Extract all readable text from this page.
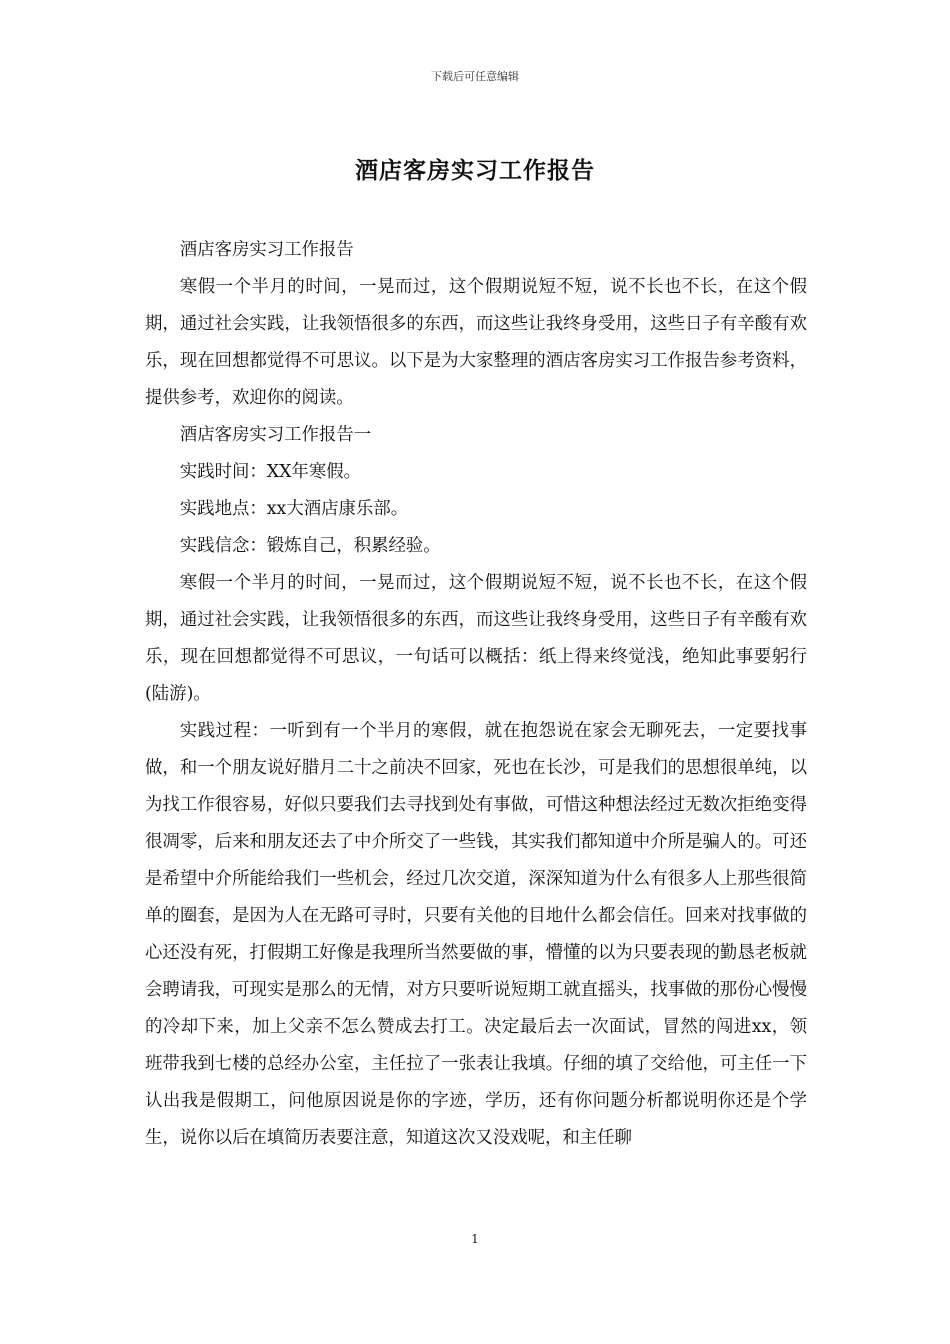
下载后可任意编辑
酒店客房实习工作报告

酒店客房实习工作报告

寒假一个半月的时间，一晃而过，这个假期说短不短，说不长也不长，在这个假期，通过社会实践，让我领悟很多的东西，而这些让我终身受用，这些日子有辛酸有欢乐，现在回想都觉得不可思议。以下是为大家整理的酒店客房实习工作报告参考资料，提供参考，欢迎你的阅读。

酒店客房实习工作报告一

实践时间：XX年寒假。

实践地点：xx大酒店康乐部。

实践信念：锻炼自己，积累经验。

寒假一个半月的时间，一晃而过，这个假期说短不短，说不长也不长，在这个假期，通过社会实践，让我领悟很多的东西，而这些让我终身受用，这些日子有辛酸有欢乐，现在回想都觉得不可思议，一句话可以概括：纸上得来终觉浅，绝知此事要躬行(陆游)。

实践过程：一听到有一个半月的寒假，就在抱怨说在家会无聊死去，一定要找事做，和一个朋友说好腊月二十之前决不回家，死也在长沙，可是我们的思想很单纯，以为找工作很容易，好似只要我们去寻找到处有事做，可惜这种想法经过无数次拒绝变得很凋零，后来和朋友还去了中介所交了一些钱，其实我们都知道中介所是骗人的。可还是希望中介所能给我们一些机会，经过几次交道，深深知道为什么有很多人上那些很简单的圈套，是因为人在无路可寻时，只要有关他的目地什么都会信任。回来对找事做的心还没有死，打假期工好像是我理所当然要做的事，懵懂的以为只要表现的勤恳老板就会聘请我，可现实是那么的无情，对方只要听说短期工就直摇头，找事做的那份心慢慢的冷却下来，加上父亲不怎么赞成去打工。决定最后去一次面试，冒然的闯进xx，领班带我到七楼的总经办公室，主任拉了一张表让我填。仔细的填了交给他，可主任一下认出我是假期工，问他原因说是你的字迹，学历，还有你问题分析都说明你还是个学生，说你以后在填简历表要注意，知道这次又没戏呢，和主任聊

1
